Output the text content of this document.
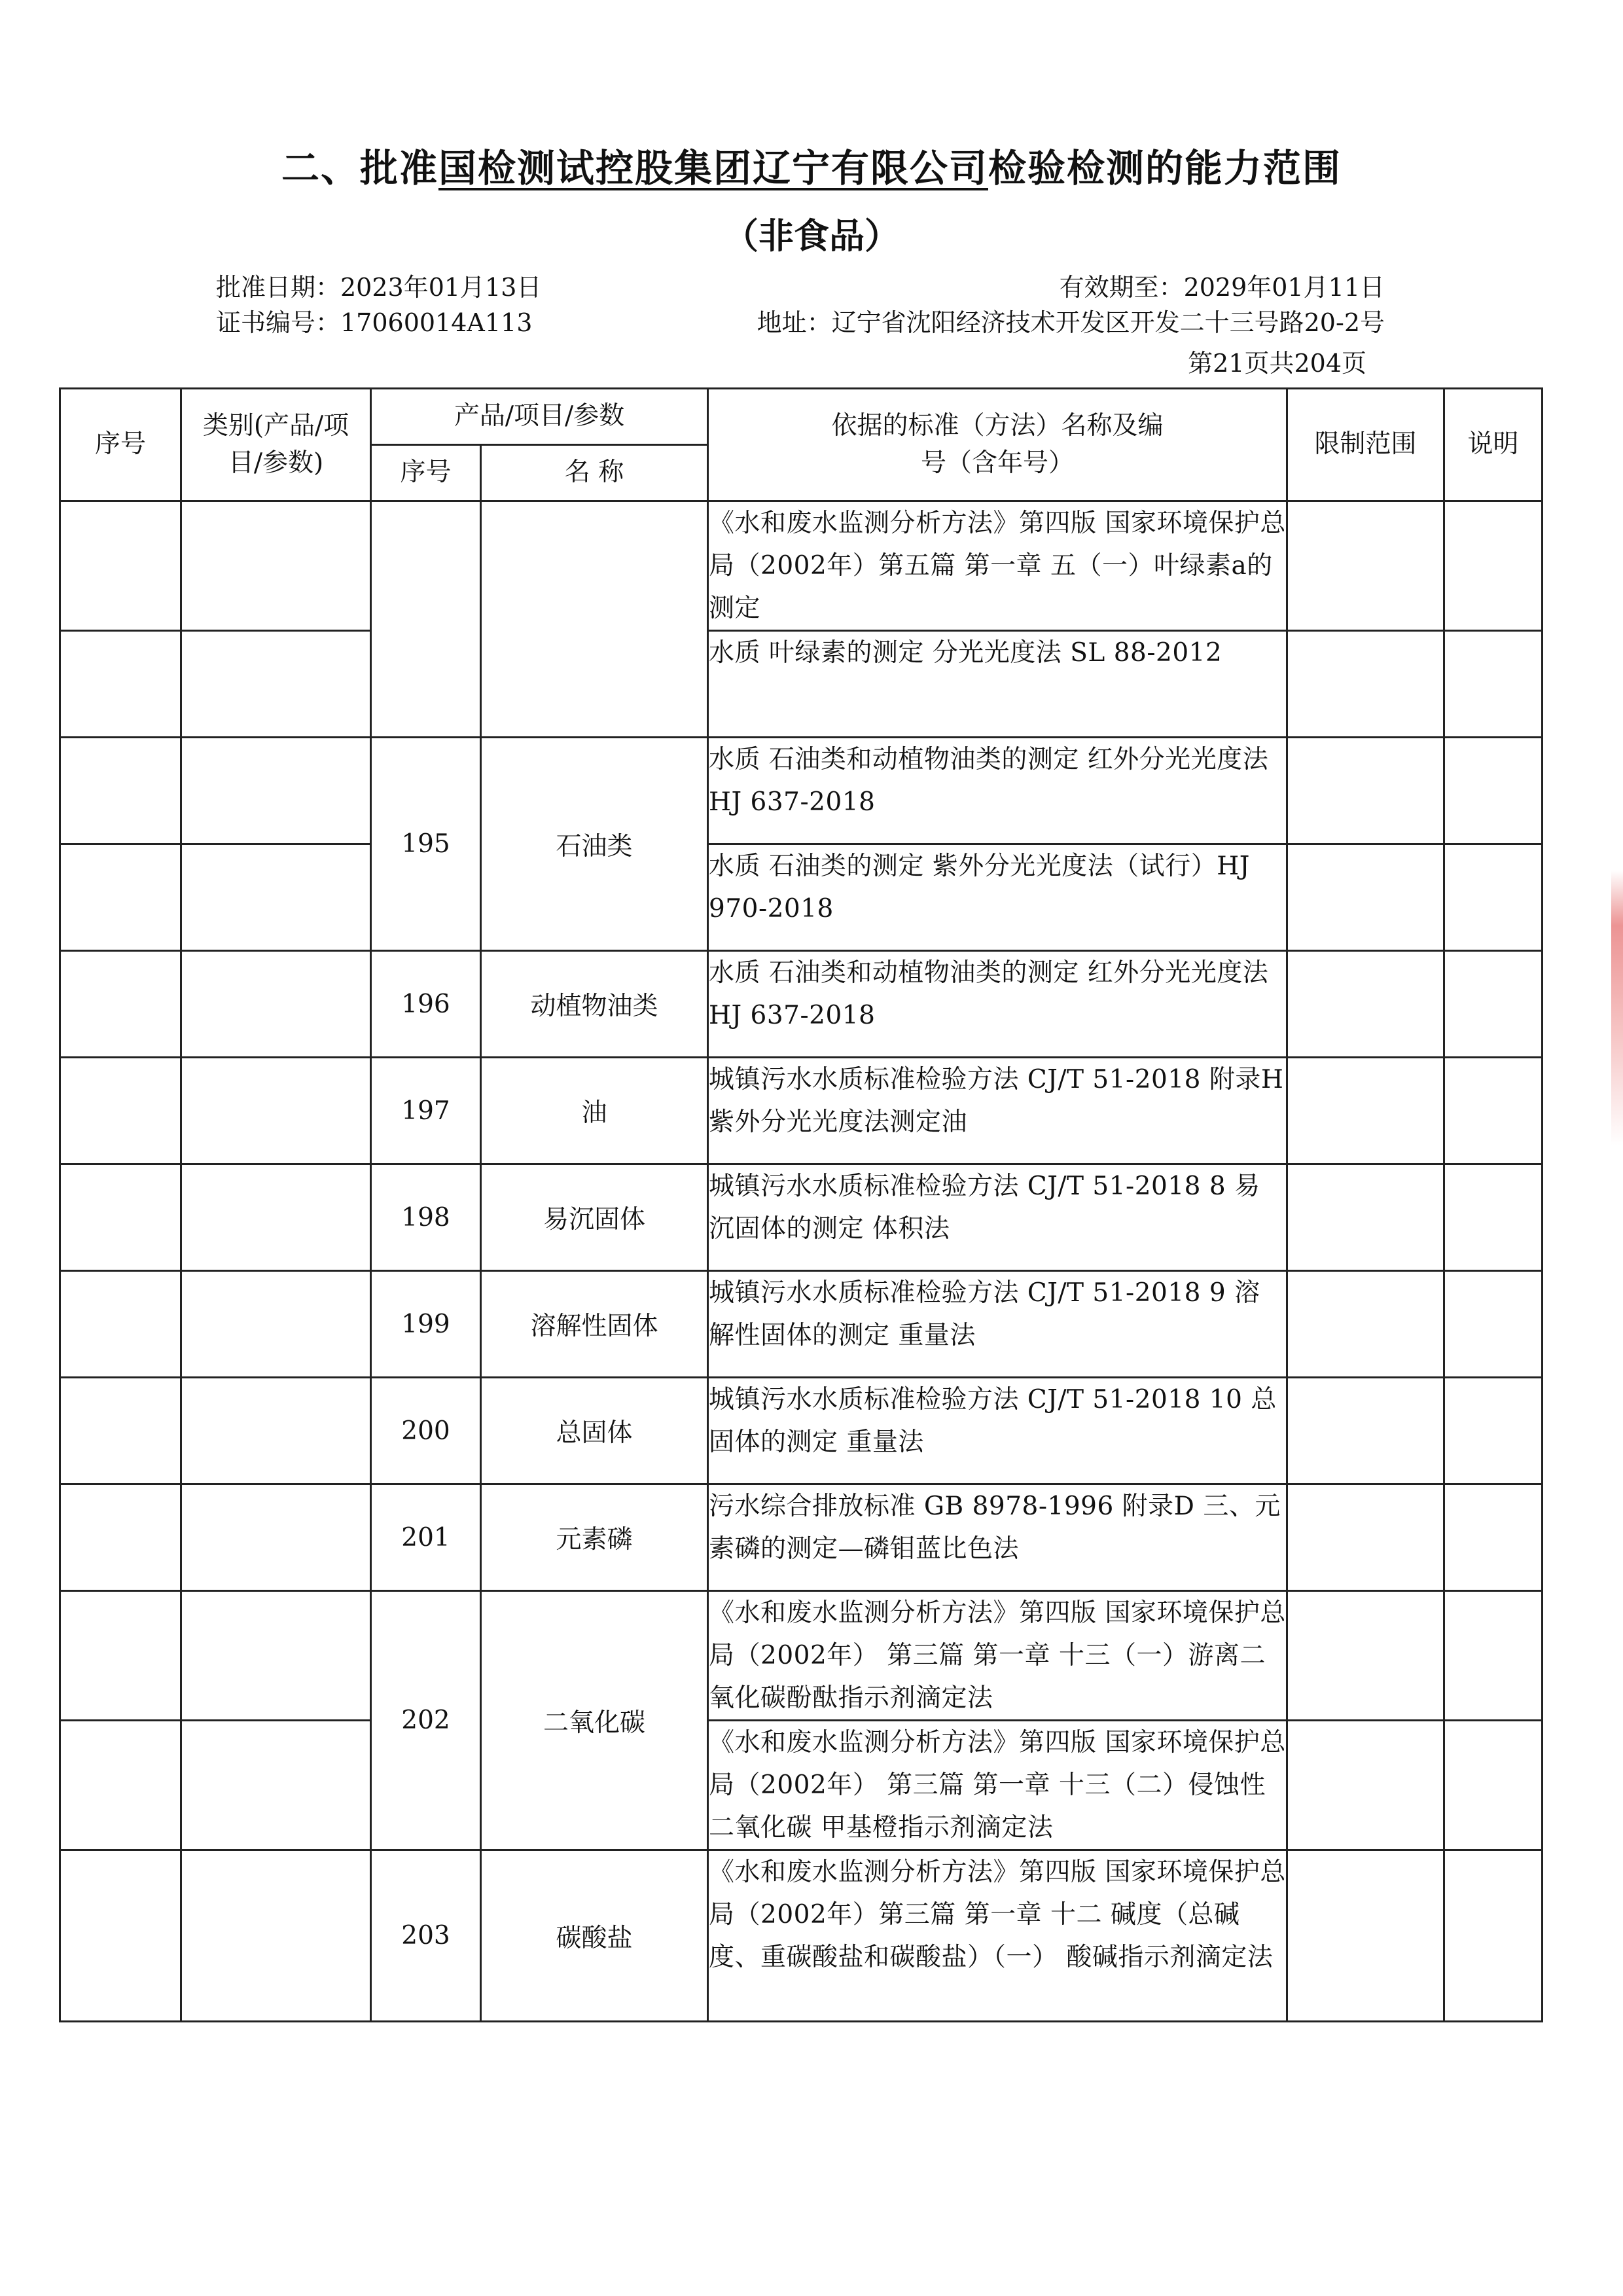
二、批准国检测试控股集团辽宁有限公司检验检测的能力范围
（非食品）
批准日期：2023年01月13日	有效期至：2029年01月11日
证书编号：17060014A113	地址：辽宁省沈阳经济技术开发区开发二十三号路20-2号
第21页共204页
序号	类别(产品/项目/参数)	产品/项目/参数		依据的标准（方法）名称及编号（含年号）	限制范围	说明
		序号	名 称			
				《水和废水监测分析方法》第四版 国家环境保护总局（2002年）第五篇 第一章 五（一）叶绿素a的测定		
				水质 叶绿素的测定 分光光度法 SL 88-2012		
		195	石油类	水质 石油类和动植物油类的测定 红外分光光度法 HJ 637-2018		
				水质 石油类的测定 紫外分光光度法（试行）HJ 970-2018		
		196	动植物油类	水质 石油类和动植物油类的测定 红外分光光度法 HJ 637-2018		
		197	油	城镇污水水质标准检验方法 CJ/T 51-2018 附录H 紫外分光光度法测定油		
		198	易沉固体	城镇污水水质标准检验方法 CJ/T 51-2018 8 易沉固体的测定 体积法		
		199	溶解性固体	城镇污水水质标准检验方法 CJ/T 51-2018 9 溶解性固体的测定 重量法		
		200	总固体	城镇污水水质标准检验方法 CJ/T 51-2018 10 总固体的测定 重量法		
		201	元素磷	污水综合排放标准 GB 8978-1996 附录D 三、元素磷的测定—磷钼蓝比色法		
		202	二氧化碳	《水和废水监测分析方法》第四版 国家环境保护总局（2002年） 第三篇 第一章 十三（一）游离二氧化碳酚酞指示剂滴定法		
				《水和废水监测分析方法》第四版 国家环境保护总局（2002年） 第三篇 第一章 十三（二）侵蚀性二氧化碳 甲基橙指示剂滴定法		
		203	碳酸盐	《水和废水监测分析方法》第四版 国家环境保护总局（2002年）第三篇 第一章 十二 碱度（总碱度、重碳酸盐和碳酸盐）（一） 酸碱指示剂滴定法		
